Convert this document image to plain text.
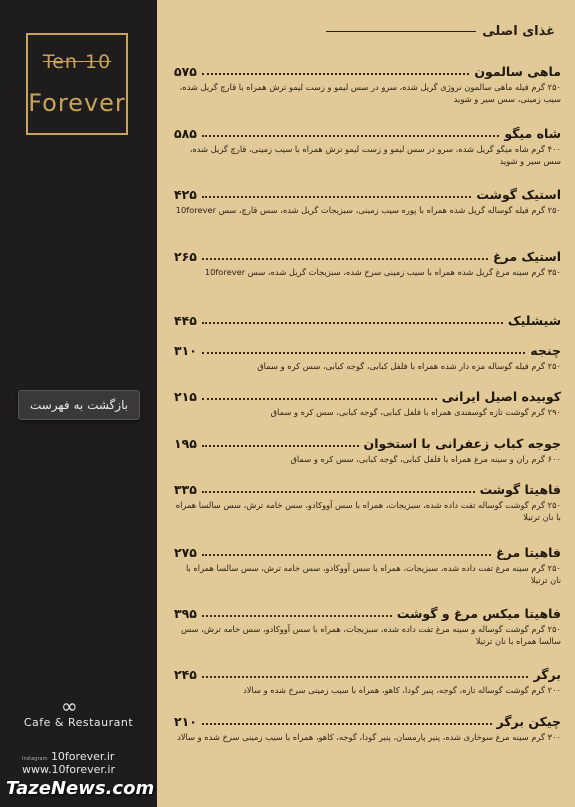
Ten 10
Forever
بازگشت به فهرست
∞
Cafe & Restaurant
Instagram 10forever.ir
www.10forever.ir
TazeNews.com
غذای اصلی
ماهی سالمون
۵۷۵
۲۵۰ گرم فیله ماهی سالمون نروژی گریل شده، سرو در سس لیمو و زست لیمو ترش همراه با قارچ گریل شده، سیب زمینی، سس سیر و شوید
شاه میگو
۵۸۵
۴۰۰ گرم شاه میگو گریل شده، سرو در سس لیمو و زست لیمو ترش همراه با سیب زمینی، قارچ گریل شده، سس سیر و شوید
استیک گوشت
۴۲۵
۲۵۰ گرم فیله گوساله گریل شده همراه با پوره سیب زمینی، سبزیجات گریل شده، سس قارچ، سس 10forever
استیک مرغ
۲۶۵
۳۵۰ گرم سینه مرغ گریل شده همراه با سیب زمینی سرخ شده، سبزیجات گریل شده، سس 10forever
شیشلیک
۴۴۵
چنجه
۳۱۰
۲۵۰ گرم فیله گوساله مزه دار شده همراه با فلفل کبابی، گوجه کبابی، سس کره و سماق
کوبیده اصیل ایرانی
۲۱۵
۲۹۰ گرم گوشت تازه گوسفندی همراه با فلفل کبابی، گوجه کبابی، سس کره و سماق
جوجه کباب زعفرانی با استخوان
۱۹۵
۶۰۰ گرم ران و سینه مرغ همراه با فلفل کبابی، گوجه کبابی، سس کره و سماق
فاهیتا گوشت
۳۳۵
۲۵۰ گرم گوشت گوساله تفت داده شده، سبزیجات، همراه با سس آووکادو، سس خامه ترش، سس سالسا همراه با نان ترتیلا
فاهیتا مرغ
۲۷۵
۲۵۰ گرم سینه مرغ تفت داده شده، سبزیجات، همراه با سس آووکادو، سس خامه ترش، سس سالسا همراه با نان ترتیلا
فاهیتا میکس مرغ و گوشت
۳۹۵
۲۵۰ گرم گوشت گوساله و سینه مرغ تفت داده شده، سبزیجات، همراه با سس آووکادو، سس خامه ترش، سس سالسا همراه با نان ترتیلا
برگر
۲۴۵
۲۰۰ گرم گوشت گوساله تازه، گوجه، پنیر گودا، کاهو، همراه با سیب زمینی سرخ شده و سالاد
چیکن برگر
۲۱۰
۳۰۰ گرم سینه مرغ سوخاری شده، پنیر پارمسان، پنیر گودا، گوجه، کاهو، همراه با سیب زمینی سرخ شده و سالاد
